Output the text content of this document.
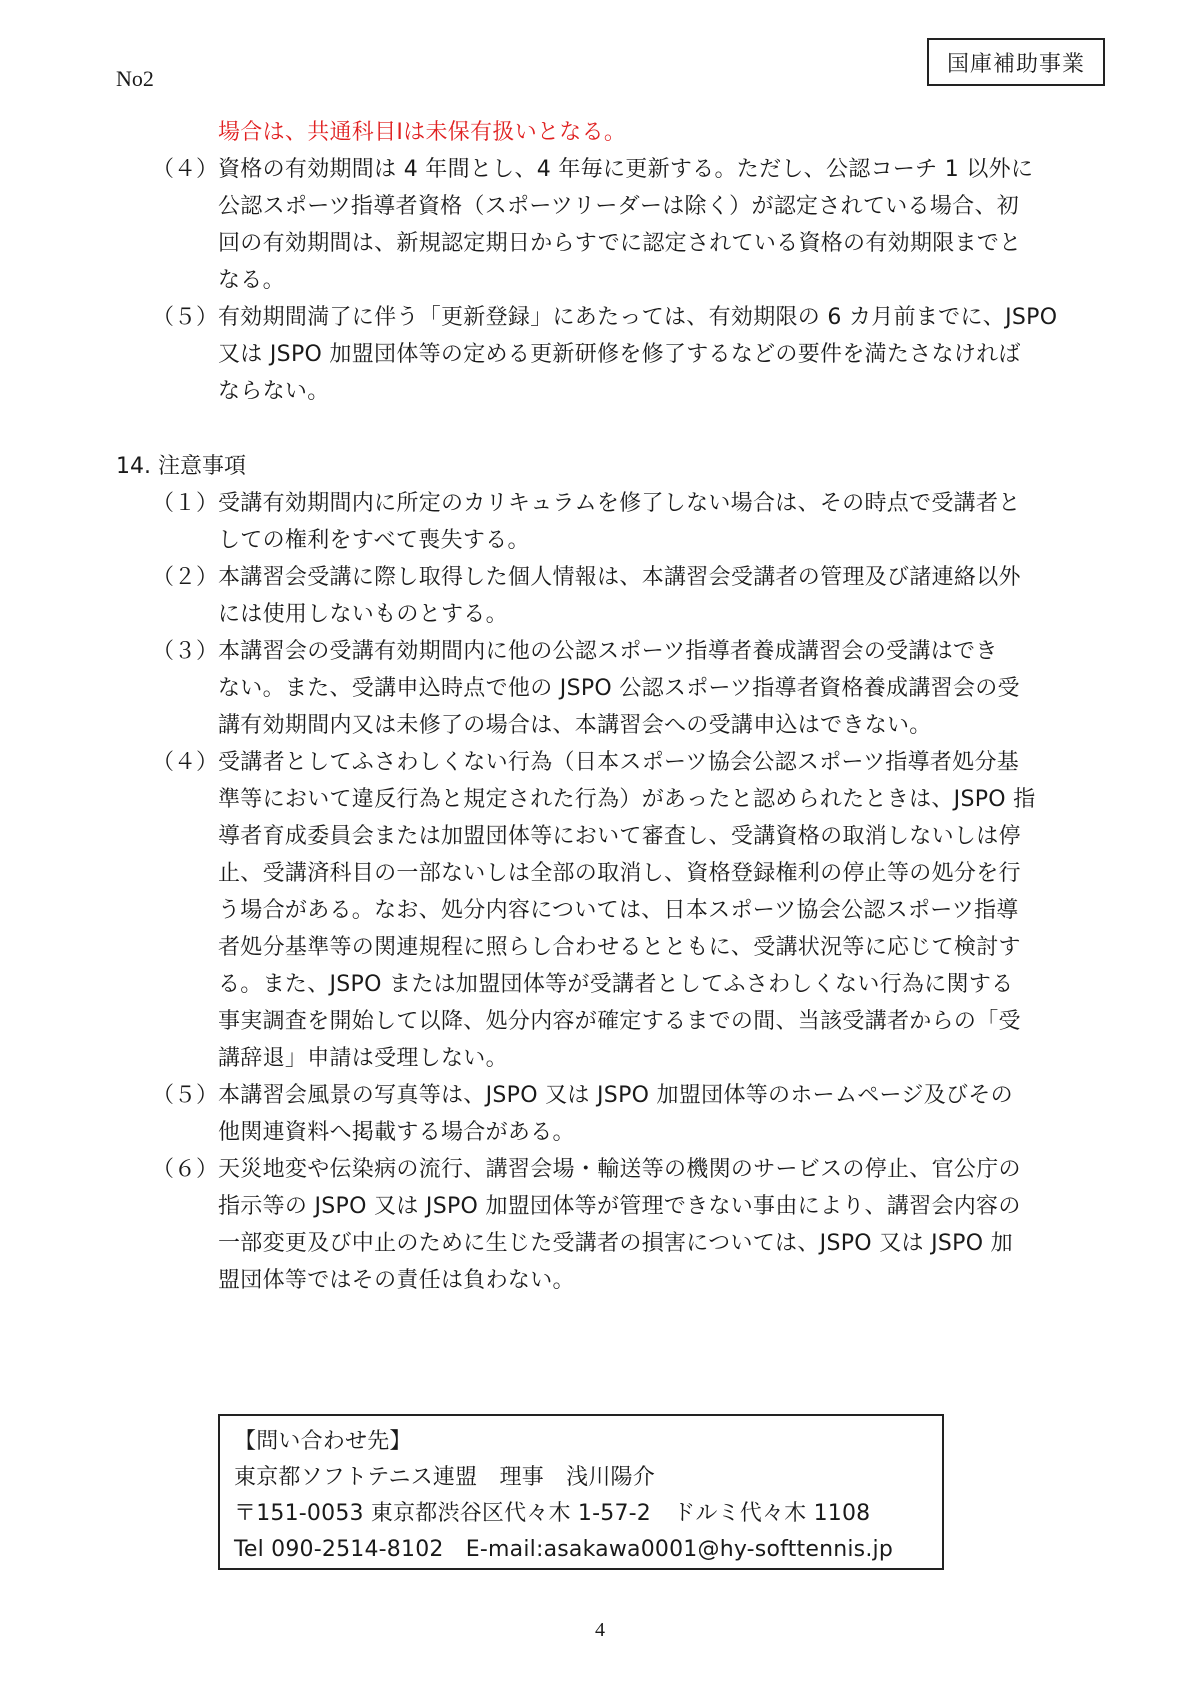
No2
国庫補助事業
場合は、共通科目Ⅰは未保有扱いとなる。
（４） 資格の有効期間は 4 年間とし、4 年毎に更新する。ただし、公認コーチ 1 以外に
公認スポーツ指導者資格（スポーツリーダーは除く）が認定されている場合、初
回の有効期間は、新規認定期日からすでに認定されている資格の有効期限までと
なる。
（５） 有効期間満了に伴う「更新登録」にあたっては、有効期限の 6 カ月前までに、JSPO
又は JSPO 加盟団体等の定める更新研修を修了するなどの要件を満たさなければ
ならない。
14. 注意事項
（１） 受講有効期間内に所定のカリキュラムを修了しない場合は、その時点で受講者と
しての権利をすべて喪失する。
（２） 本講習会受講に際し取得した個人情報は、本講習会受講者の管理及び諸連絡以外
には使用しないものとする。
（３） 本講習会の受講有効期間内に他の公認スポーツ指導者養成講習会の受講はでき
ない。また、受講申込時点で他の JSPO 公認スポーツ指導者資格養成講習会の受
講有効期間内又は未修了の場合は、本講習会への受講申込はできない。
（４） 受講者としてふさわしくない行為（日本スポーツ協会公認スポーツ指導者処分基
準等において違反行為と規定された行為）があったと認められたときは、JSPO 指
導者育成委員会または加盟団体等において審査し、受講資格の取消しないしは停
止、受講済科目の一部ないしは全部の取消し、資格登録権利の停止等の処分を行
う場合がある。なお、処分内容については、日本スポーツ協会公認スポーツ指導
者処分基準等の関連規程に照らし合わせるとともに、受講状況等に応じて検討す
る。また、JSPO または加盟団体等が受講者としてふさわしくない行為に関する
事実調査を開始して以降、処分内容が確定するまでの間、当該受講者からの「受
講辞退」申請は受理しない。
（５） 本講習会風景の写真等は、JSPO 又は JSPO 加盟団体等のホームページ及びその
他関連資料へ掲載する場合がある。
（６） 天災地変や伝染病の流行、講習会場・輸送等の機関のサービスの停止、官公庁の
指示等の JSPO 又は JSPO 加盟団体等が管理できない事由により、講習会内容の
一部変更及び中止のために生じた受講者の損害については、JSPO 又は JSPO 加
盟団体等ではその責任は負わない。
【問い合わせ先】
東京都ソフトテニス連盟　理事　浅川陽介
〒151-0053 東京都渋谷区代々木 1-57-2　ドルミ代々木 1108
Tel 090-2514-8102　E-mail:asakawa0001@hy-softtennis.jp
4
